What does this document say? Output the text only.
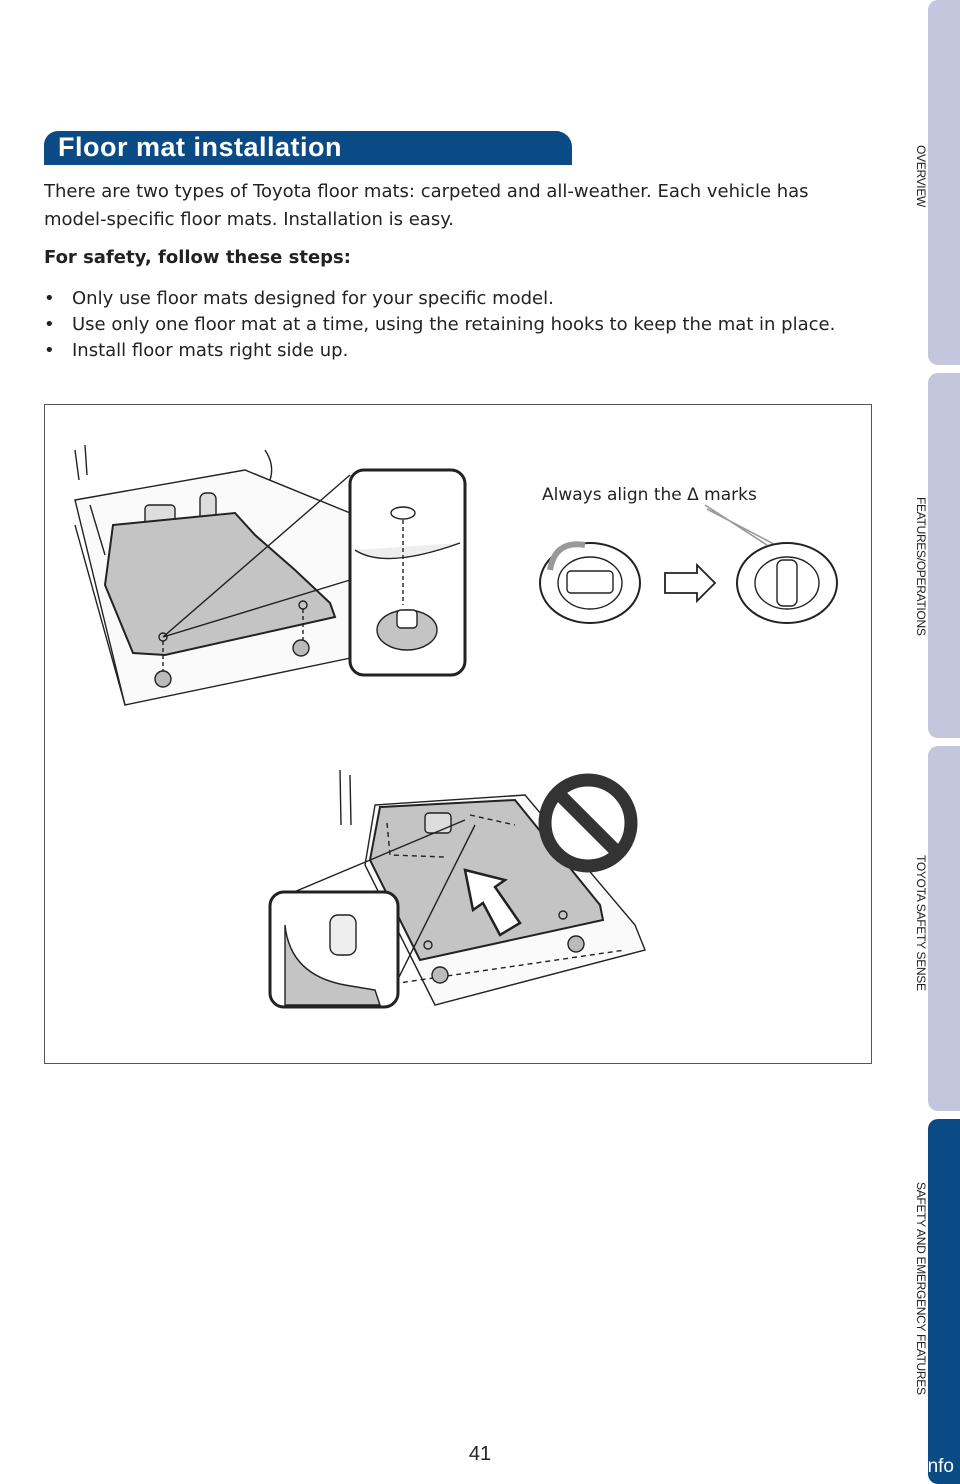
Floor mat installation
There are two types of Toyota floor mats: carpeted and all-weather. Each vehicle has model-specific floor mats. Installation is easy.
For safety, follow these steps:
• Only use floor mats designed for your specific model.
• Use only one floor mat at a time, using the retaining hooks to keep the mat in place.
• Install floor mats right side up.
Always align the Δ marks
OVERVIEW
FEATURES/OPERATIONS
TOYOTA SAFETY SENSE
SAFETY AND EMERGENCY FEATURES
41
carmanualsonline.info
